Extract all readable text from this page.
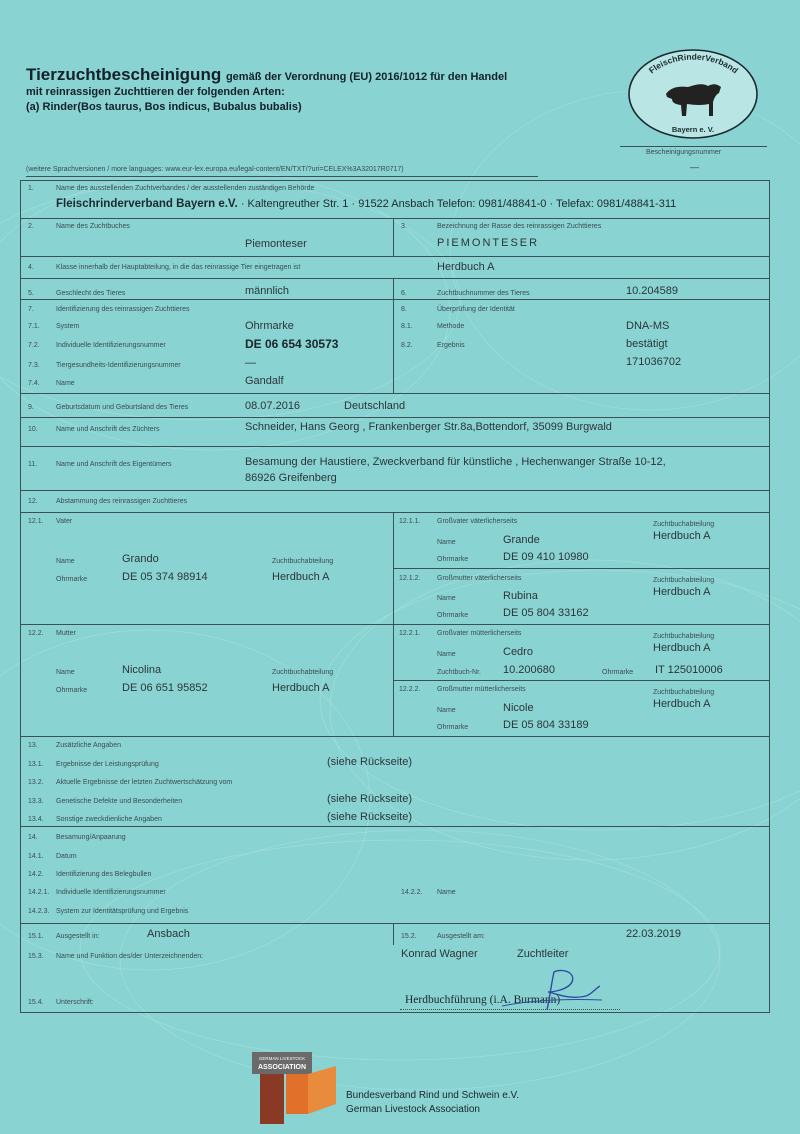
Tierzuchtbescheinigung gemäß der Verordnung (EU) 2016/1012 für den Handel
mit reinrassigen Zuchttieren der folgenden Arten:
(a) Rinder(Bos taurus, Bos indicus, Bubalus bubalis)
FleischRinderVerband
Bayern e. V.
Bescheinigungsnummer
—
(weitere Sprachversionen / more languages: www.eur-lex.europa.eu/legal-content/EN/TXT/?uri=CELEX%3A32017R0717)
1.	Name des ausstellenden Zuchtverbandes / der ausstellenden zuständigen Behörde
Fleischrinderverband Bayern e.V. · Kaltengreuther Str. 1 · 91522 Ansbach Telefon: 0981/48841-0 · Telefax: 0981/48841-311
2.	Name des Zuchtbuches
Piemonteser
3.	Bezeichnung der Rasse des reinrassigen Zuchttieres
PIEMONTESER
4.	Klasse innerhalb der Hauptabteilung, in die das reinrassige Tier eingetragen ist	Herdbuch A
5.	Geschlecht des Tieres	männlich	6.	Zuchtbuchnummer des Tieres	10.204589
7.	Identifizierung des reinrassigen Zuchttieres
7.1. System	Ohrmarke
7.2. Individuelle Identifizierungsnummer	DE 06 654 30573
7.3. Tiergesundheits-Identifizierungsnummer	—
7.4. Name	Gandalf
8.	Überprüfung der Identität
8.1.	Methode	DNA-MS
8.2.	Ergebnis	bestätigt
171036702
9.	Geburtsdatum und Geburtsland des Tieres	08.07.2016	Deutschland
10.	Name und Anschrift des Züchters	Schneider, Hans Georg , Frankenberger Str.8a,Bottendorf, 35099 Burgwald
11.	Name und Anschrift des Eigentümers	Besamung der Haustiere, Zweckverband für künstliche , Hechenwanger Straße 10-12,
86926 Greifenberg
12.	Abstammung des reinrassigen Zuchttieres
12.1. Vater
Name	Grando
Ohrmarke	DE 05 374 98914
Zuchtbuchabteilung
Herdbuch A
12.2. Mutter
Name	Nicolina
Ohrmarke	DE 06 651 95852
Zuchtbuchabteilung
Herdbuch A
12.1.1. Großvater väterlicherseits
Name	Grande
Ohrmarke	DE 09 410 10980
Zuchtbuchabteilung
Herdbuch A
12.1.2. Großmutter väterlicherseits
Name	Rubina
Ohrmarke	DE 05 804 33162
Zuchtbuchabteilung
Herdbuch A
12.2.1. Großvater mütterlicherseits
Name	Cedro
Zuchtbuch-Nr. 10.200680	Ohrmarke IT 125010006
Zuchtbuchabteilung
Herdbuch A
12.2.2. Großmutter mütterlicherseits
Name	Nicole
Ohrmarke	DE 05 804 33189
Zuchtbuchabteilung
Herdbuch A
13.	Zusätzliche Angaben
13.1. Ergebnisse der Leistungsprüfung	(siehe Rückseite)
13.2. Aktuelle Ergebnisse der letzten Zuchtwertschätzung vom
13.3. Genetische Defekte und Besonderheiten	(siehe Rückseite)
13.4. Sonstige zweckdienliche Angaben	(siehe Rückseite)
14.	Besamung/Anpaarung
14.1. Datum
14.2. Identifizierung des Belegbullen
14.2.1. Individuelle Identifizierungsnummer	14.2.2. Name
14.2.3. System zur Identitätsprüfung und Ergebnis
15.1. Ausgestellt in:	Ansbach	15.2.	Ausgestellt am:	22.03.2019
15.3. Name und Funktion des/der Unterzeichnenden:	Konrad Wagner	Zuchtleiter
15.4. Unterschrift:	Herdbuchführung (i.A. Burmann)
GERMAN LIVESTOCK
ASSOCIATION
Bundesverband Rind und Schwein e.V.
German Livestock Association
